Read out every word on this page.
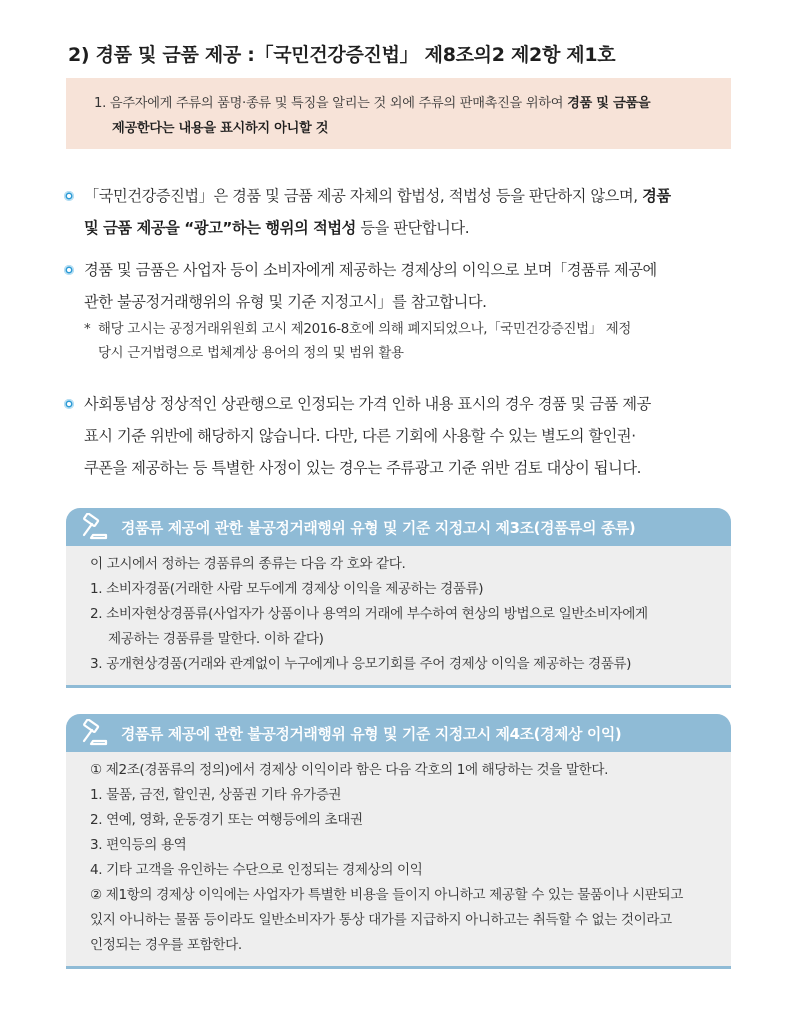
2) 경품 및 금품 제공 :「국민건강증진법」 제8조의2 제2항 제1호
1. 음주자에게 주류의 품명·종류 및 특징을 알리는 것 외에 주류의 판매촉진을 위하여 경품 및 금품을
제공한다는 내용을 표시하지 아니할 것
「국민건강증진법」은 경품 및 금품 제공 자체의 합법성, 적법성 등을 판단하지 않으며, 경품
및 금품 제공을 “광고”하는 행위의 적법성 등을 판단합니다.
경품 및 금품은 사업자 등이 소비자에게 제공하는 경제상의 이익으로 보며「경품류 제공에
관한 불공정거래행위의 유형 및 기준 지정고시」를 참고합니다.
* 해당 고시는 공정거래위원회 고시 제2016-8호에 의해 폐지되었으나,「국민건강증진법」 제정
당시 근거법령으로 법체계상 용어의 정의 및 범위 활용
사회통념상 정상적인 상관행으로 인정되는 가격 인하 내용 표시의 경우 경품 및 금품 제공
표시 기준 위반에 해당하지 않습니다. 다만, 다른 기회에 사용할 수 있는 별도의 할인권·
쿠폰을 제공하는 등 특별한 사정이 있는 경우는 주류광고 기준 위반 검토 대상이 됩니다.
경품류 제공에 관한 불공정거래행위 유형 및 기준 지정고시 제3조(경품류의 종류)
이 고시에서 정하는 경품류의 종류는 다음 각 호와 같다.
1. 소비자경품(거래한 사람 모두에게 경제상 이익을 제공하는 경품류)
2. 소비자현상경품류(사업자가 상품이나 용역의 거래에 부수하여 현상의 방법으로 일반소비자에게
제공하는 경품류를 말한다. 이하 같다)
3. 공개현상경품(거래와 관계없이 누구에게나 응모기회를 주어 경제상 이익을 제공하는 경품류)
경품류 제공에 관한 불공정거래행위 유형 및 기준 지정고시 제4조(경제상 이익)
① 제2조(경품류의 정의)에서 경제상 이익이라 함은 다음 각호의 1에 해당하는 것을 말한다.
1. 물품, 금전, 할인권, 상품권 기타 유가증권
2. 연예, 영화, 운동경기 또는 여행등에의 초대권
3. 편익등의 용역
4. 기타 고객을 유인하는 수단으로 인정되는 경제상의 이익
② 제1항의 경제상 이익에는 사업자가 특별한 비용을 들이지 아니하고 제공할 수 있는 물품이나 시판되고
있지 아니하는 물품 등이라도 일반소비자가 통상 대가를 지급하지 아니하고는 취득할 수 없는 것이라고
인정되는 경우를 포함한다.
